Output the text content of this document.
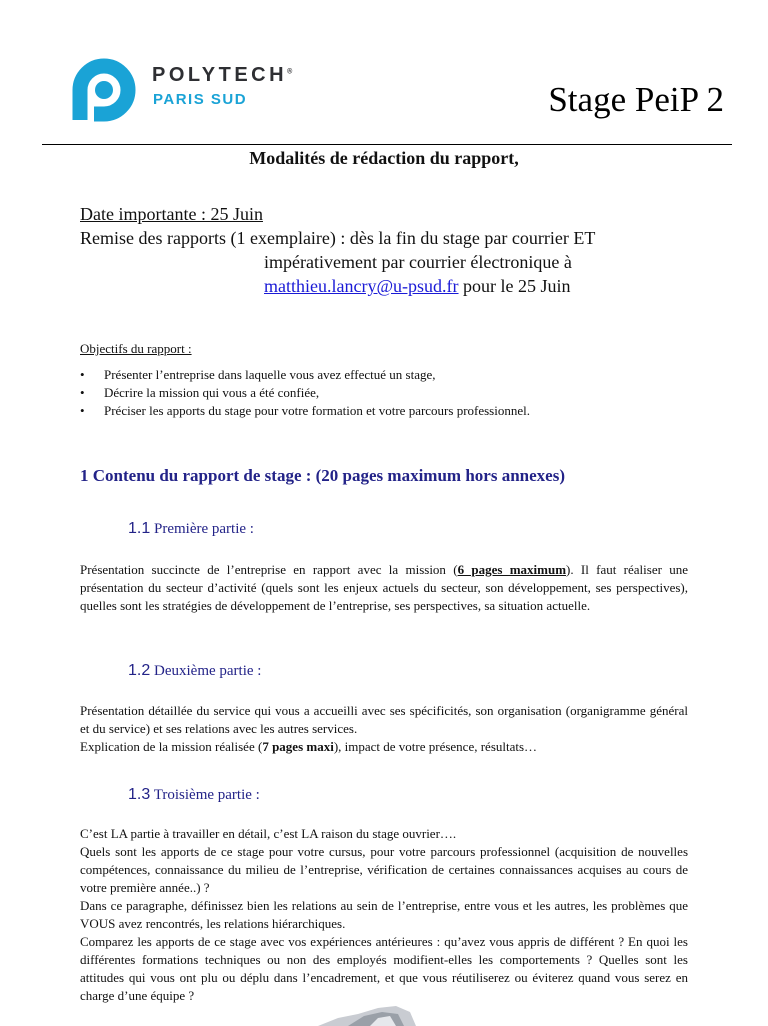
POLYTECH®
PARIS SUD	Stage PeiP 2
Modalités de rédaction du rapport,

Date importante : 25 Juin

Remise des rapports (1 exemplaire) : dès la fin du stage par courrier ET

impérativement par courrier électronique à

matthieu.lancry@u-psud.fr pour le 25 Juin

Objectifs du rapport :

• Présenter l’entreprise dans laquelle vous avez effectué un stage,
• Décrire la mission qui vous a été confiée,
• Préciser les apports du stage pour votre formation et votre parcours professionnel.
1 Contenu du rapport de stage : (20 pages maximum hors annexes)
1.1 Première partie :

Présentation succincte de l’entreprise en rapport avec la mission (6 pages maximum). Il faut réaliser une présentation du secteur d’activité (quels sont les enjeux actuels du secteur, son développement, ses perspectives), quelles sont les stratégies de développement de l’entreprise, ses perspectives, sa situation actuelle.

1.2 Deuxième partie :

Présentation détaillée du service qui vous a accueilli avec ses spécificités, son organisation (organigramme général et du service) et ses relations avec les autres services.

Explication de la mission réalisée (7 pages maxi), impact de votre présence, résultats…

1.3 Troisième partie :

C’est LA partie à travailler en détail, c’est LA raison du stage ouvrier….

Quels sont les apports de ce stage pour votre cursus, pour votre parcours professionnel (acquisition de nouvelles compétences, connaissance du milieu de l’entreprise, vérification de certaines connaissances acquises au cours de votre première année..) ?

Dans ce paragraphe, définissez bien les relations au sein de l’entreprise, entre vous et les autres, les problèmes que VOUS avez rencontrés, les relations hiérarchiques.

Comparez les apports de ce stage avec vos expériences antérieures : qu’avez vous appris de différent ? En quoi les différentes formations techniques ou non des employés modifient-elles les comportements ? Quelles sont les attitudes qui vous ont plu ou déplu dans l’encadrement, et que vous réutiliserez ou éviterez quand vous serez en charge d’une équipe ?
